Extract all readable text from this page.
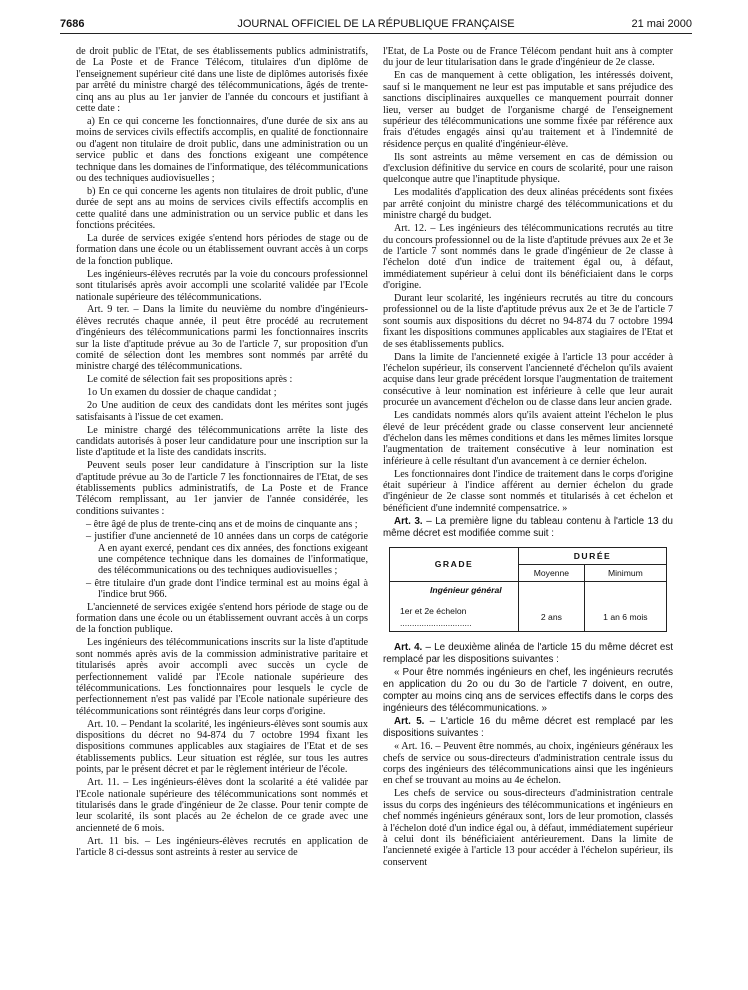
7686	JOURNAL OFFICIEL DE LA RÉPUBLIQUE FRANÇAISE	21 mai 2000

de droit public de l'Etat, de ses établissements publics administratifs, de La Poste et de France Télécom, titulaires d'un diplôme de l'enseignement supérieur cité dans une liste de diplômes autorisés fixée par arrêté du ministre chargé des télécommunications, âgés de trente-cinq ans au plus au 1er janvier de l'année du concours et justifiant à cette date :

a) En ce qui concerne les fonctionnaires, d'une durée de six ans au moins de services civils effectifs accomplis, en qualité de fonctionnaire ou d'agent non titulaire de droit public, dans une administration ou un service public et dans des fonctions exigeant une compétence technique dans les domaines de l'informatique, des télécommunications ou des techniques audiovisuelles ;

b) En ce qui concerne les agents non titulaires de droit public, d'une durée de sept ans au moins de services civils effectifs accomplis en cette qualité dans une administration ou un service public et dans les fonctions précitées.

La durée de services exigée s'entend hors périodes de stage ou de formation dans une école ou un établissement ouvrant accès à un corps de la fonction publique.

Les ingénieurs-élèves recrutés par la voie du concours professionnel sont titularisés après avoir accompli une scolarité validée par l'Ecole nationale supérieure des télécommunications.

Art. 9 ter. – Dans la limite du neuvième du nombre d'ingénieurs-élèves recrutés chaque année, il peut être procédé au recrutement d'ingénieurs des télécommunications parmi les fonctionnaires inscrits sur la liste d'aptitude prévue au 3o de l'article 7, sur proposition d'un comité de sélection dont les membres sont nommés par arrêté du ministre chargé des télécommunications.

Le comité de sélection fait ses propositions après :

1o Un examen du dossier de chaque candidat ;

2o Une audition de ceux des candidats dont les mérites sont jugés satisfaisants à l'issue de cet examen.

Le ministre chargé des télécommunications arrête la liste des candidats autorisés à poser leur candidature pour une inscription sur la liste d'aptitude et la liste des candidats inscrits.

Peuvent seuls poser leur candidature à l'inscription sur la liste d'aptitude prévue au 3o de l'article 7 les fonctionnaires de l'Etat, de ses établissements publics administratifs, de La Poste et de France Télécom remplissant, au 1er janvier de l'année considérée, les conditions suivantes :

– être âgé de plus de trente-cinq ans et de moins de cinquante ans ;

– justifier d'une ancienneté de 10 années dans un corps de catégorie A en ayant exercé, pendant ces dix années, des fonctions exigeant une compétence technique dans les domaines de l'informatique, des télécommunications ou des techniques audiovisuelles ;

– être titulaire d'un grade dont l'indice terminal est au moins égal à l'indice brut 966.

L'ancienneté de services exigée s'entend hors période de stage ou de formation dans une école ou un établissement ouvrant accès à un corps de la fonction publique.

Les ingénieurs des télécommunications inscrits sur la liste d'aptitude sont nommés après avis de la commission administrative paritaire et titularisés après avoir accompli avec succès un cycle de perfectionnement validé par l'Ecole nationale supérieure des télécommunications. Les fonctionnaires pour lesquels le cycle de perfectionnement n'est pas validé par l'Ecole nationale supérieure des télécommunications sont réintégrés dans leur corps d'origine.

Art. 10. – Pendant la scolarité, les ingénieurs-élèves sont soumis aux dispositions du décret no 94-874 du 7 octobre 1994 fixant les dispositions communes applicables aux stagiaires de l'Etat et de ses établissements publics. Leur situation est réglée, sur tous les autres points, par le présent décret et par le règlement intérieur de l'école.

Art. 11. – Les ingénieurs-élèves dont la scolarité a été validée par l'Ecole nationale supérieure des télécommunications sont nommés et titularisés dans le grade d'ingénieur de 2e classe. Pour tenir compte de leur scolarité, ils sont placés au 2e échelon de ce grade avec une ancienneté de 6 mois.

Art. 11 bis. – Les ingénieurs-élèves recrutés en application de l'article 8 ci-dessus sont astreints à rester au service de

l'Etat, de La Poste ou de France Télécom pendant huit ans à compter du jour de leur titularisation dans le grade d'ingénieur de 2e classe.

En cas de manquement à cette obligation, les intéressés doivent, sauf si le manquement ne leur est pas imputable et sans préjudice des sanctions disciplinaires auxquelles ce manquement pourrait donner lieu, verser au budget de l'organisme chargé de l'enseignement supérieur des télécommunications une somme fixée par référence aux frais d'études engagés ainsi qu'au traitement et à l'indemnité de résidence perçus en qualité d'ingénieur-élève.

Ils sont astreints au même versement en cas de démission ou d'exclusion définitive du service en cours de scolarité, pour une raison quelconque autre que l'inaptitude physique.

Les modalités d'application des deux alinéas précédents sont fixées par arrêté conjoint du ministre chargé des télécommunications et du ministre chargé du budget.

Art. 12. – Les ingénieurs des télécommunications recrutés au titre du concours professionnel ou de la liste d'aptitude prévues aux 2e et 3e de l'article 7 sont nommés dans le grade d'ingénieur de 2e classe à l'échelon doté d'un indice de traitement égal ou, à défaut, immédiatement supérieur à celui dont ils bénéficiaient dans le corps d'origine.

Durant leur scolarité, les ingénieurs recrutés au titre du concours professionnel ou de la liste d'aptitude prévus aux 2e et 3e de l'article 7 sont soumis aux dispositions du décret no 94-874 du 7 octobre 1994 fixant les dispositions communes applicables aux stagiaires de l'Etat et de ses établissements publics.

Dans la limite de l'ancienneté exigée à l'article 13 pour accéder à l'échelon supérieur, ils conservent l'ancienneté d'échelon qu'ils avaient acquise dans leur grade précédent lorsque l'augmentation de traitement consécutive à leur nomination est inférieure à celle que leur aurait procurée un avancement d'échelon ou de classe dans leur ancien grade.

Les candidats nommés alors qu'ils avaient atteint l'échelon le plus élevé de leur précédent grade ou classe conservent leur ancienneté d'échelon dans les mêmes conditions et dans les mêmes limites lorsque l'augmentation de traitement consécutive à leur nomination est inférieure à celle résultant d'un avancement à ce dernier échelon.

Les fonctionnaires dont l'indice de traitement dans le corps d'origine était supérieur à l'indice afférent au dernier échelon du grade d'ingénieur de 2e classe sont nommés et titularisés à cet échelon et bénéficient d'une indemnité compensatrice. »

Art. 3. – La première ligne du tableau contenu à l'article 13 du même décret est modifiée comme suit :

GRADE	DURÉE	
	Moyenne	Minimum

Ingénieur général
1er et 2e échelon ..............................	2 ans	1 an 6 mois

Art. 4. – Le deuxième alinéa de l'article 15 du même décret est remplacé par les dispositions suivantes :

« Pour être nommés ingénieurs en chef, les ingénieurs recrutés en application du 2o ou du 3o de l'article 7 doivent, en outre, compter au moins cinq ans de services effectifs dans le corps des ingénieurs des télécommunications. »

Art. 5. – L'article 16 du même décret est remplacé par les dispositions suivantes :

« Art. 16. – Peuvent être nommés, au choix, ingénieurs généraux les chefs de service ou sous-directeurs d'administration centrale issus du corps des ingénieurs des télécommunications ainsi que les ingénieurs en chef se trouvant au moins au 4e échelon.

Les chefs de service ou sous-directeurs d'administration centrale issus du corps des ingénieurs des télécommunications et ingénieurs en chef nommés ingénieurs généraux sont, lors de leur promotion, classés à l'échelon doté d'un indice égal ou, à défaut, immédiatement supérieur à celui dont ils bénéficiaient antérieurement. Dans la limite de l'ancienneté exigée à l'article 13 pour accéder à l'échelon supérieur, ils conservent
